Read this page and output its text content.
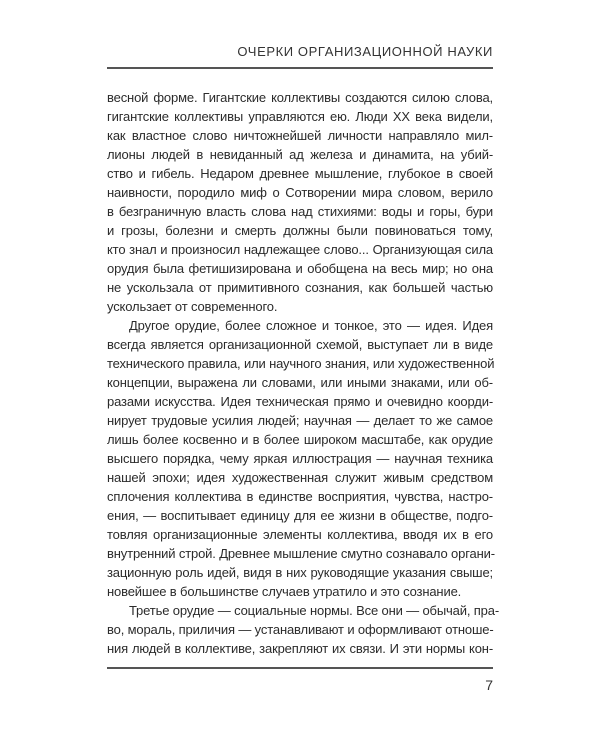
ОЧЕРКИ ОРГАНИЗАЦИОННОЙ НАУКИ
весной форме. Гигантские коллективы создаются силою слова,
гигантские коллективы управляются ею. Люди XX века видели,
как властное слово ничтожнейшей личности направляло мил-
лионы людей в невиданный ад железа и динамита, на убий-
ство и гибель. Недаром древнее мышление, глубокое в своей
наивности, породило миф о Сотворении мира словом, верило
в безграничную власть слова над стихиями: воды и горы, бури
и грозы, болезни и смерть должны были повиноваться тому,
кто знал и произносил надлежащее слово... Организующая сила
орудия была фетишизирована и обобщена на весь мир; но она
не ускользала от примитивного сознания, как большей частью
ускользает от современного.
Другое орудие, более сложное и тонкое, это — идея. Идея
всегда является организационной схемой, выступает ли в виде
технического правила, или научного знания, или художественной
концепции, выражена ли словами, или иными знаками, или об-
разами искусства. Идея техническая прямо и очевидно коорди-
нирует трудовые усилия людей; научная — делает то же самое
лишь более косвенно и в более широком масштабе, как орудие
высшего порядка, чему яркая иллюстрация — научная техника
нашей эпохи; идея художественная служит живым средством
сплочения коллектива в единстве восприятия, чувства, настро-
ения, — воспитывает единицу для ее жизни в обществе, подго-
товляя организационные элементы коллектива, вводя их в его
внутренний строй. Древнее мышление смутно сознавало органи-
зационную роль идей, видя в них руководящие указания свыше;
новейшее в большинстве случаев утратило и это сознание.
Третье орудие — социальные нормы. Все они — обычай, пра-
во, мораль, приличия — устанавливают и оформливают отноше-
ния людей в коллективе, закрепляют их связи. И эти нормы кон-
7
